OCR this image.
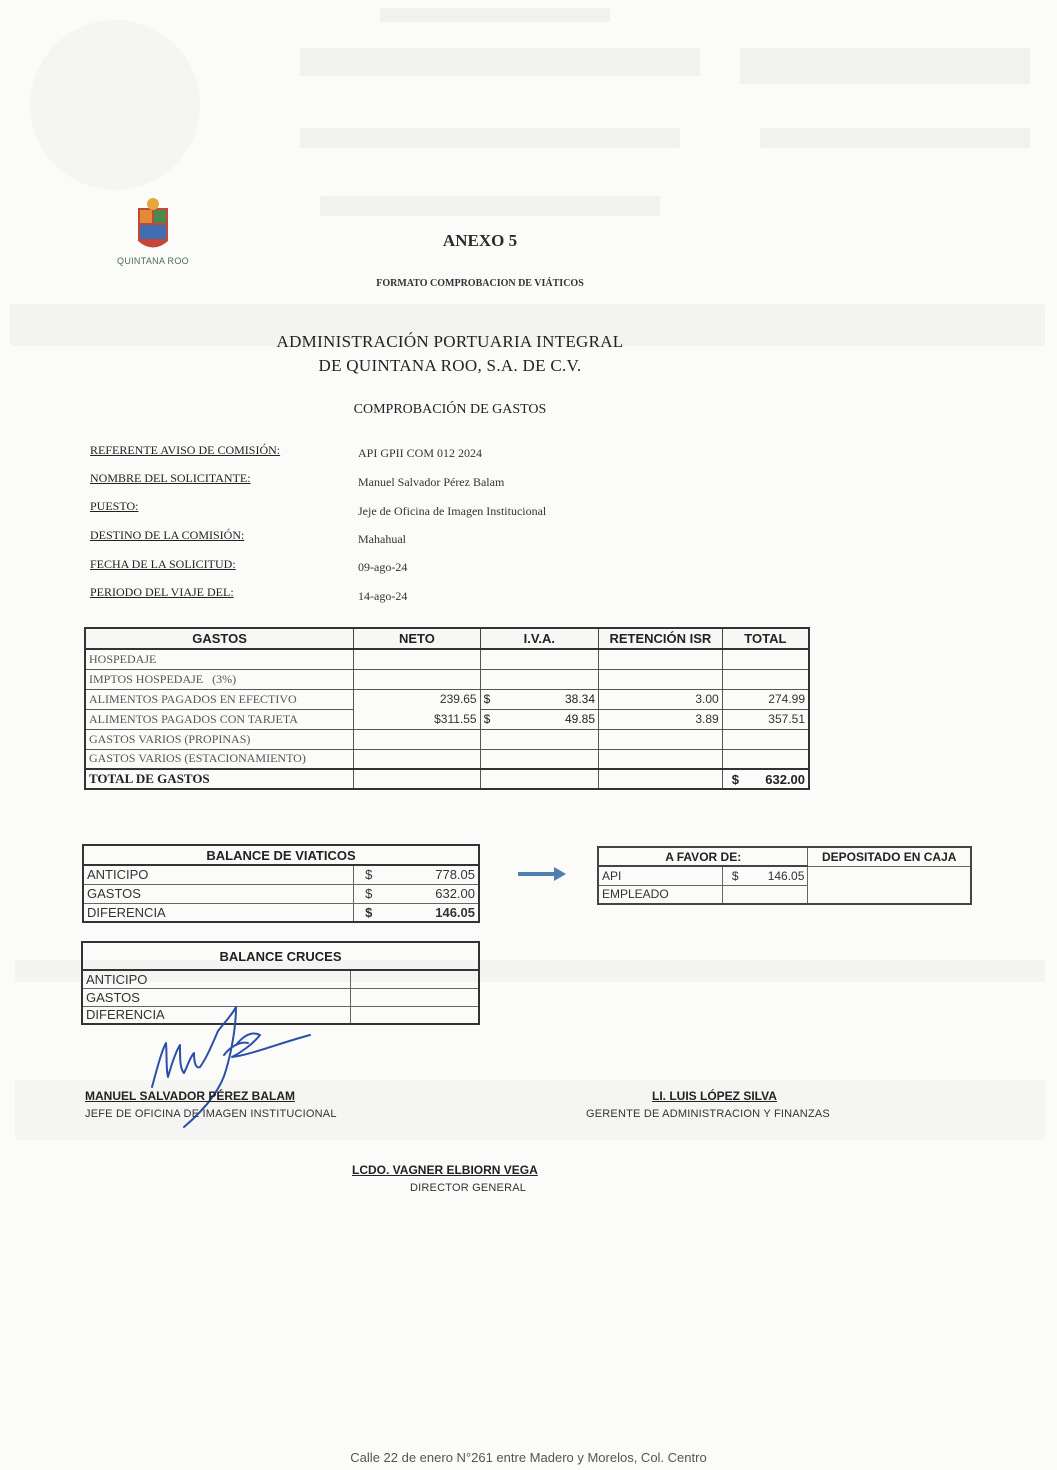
QUINTANA ROO
ANEXO 5
FORMATO COMPROBACION DE VIÁTICOS
ADMINISTRACIÓN PORTUARIA INTEGRAL
DE QUINTANA ROO, S.A. DE C.V.
COMPROBACIÓN DE GASTOS
REFERENTE AVISO DE COMISIÓN:	API GPII COM 012 2024
NOMBRE DEL SOLICITANTE:	Manuel Salvador Pérez Balam
PUESTO:	Jeje de Oficina de Imagen Institucional
DESTINO DE LA COMISIÓN:	Mahahual
FECHA DE LA SOLICITUD:	09-ago-24
PERIODO DEL VIAJE DEL:	14-ago-24
GASTOS	NETO	I.V.A.	RETENCIÓN ISR	TOTAL
HOSPEDAJE		

IMPTOS HOSPEDAJE   (3%)		

ALIMENTOS PAGADOS EN EFECTIVO	239.65	$ 38.34	3.00	274.99
ALIMENTOS PAGADOS CON TARJETA	$311.55	$ 49.85	3.89	357.51
GASTOS VARIOS (PROPINAS)		

GASTOS VARIOS (ESTACIONAMIENTO)		

TOTAL DE GASTOS				$ 632.00
BALANCE DE VIATICOS	
ANTICIPO	$ 778.05

GASTOS	$ 632.00

DIFERENCIA	$ 146.05
A FAVOR DE:		DEPOSITADO EN CAJA
API	$ 146.05	

EMPLEADO		
BALANCE CRUCES	
ANTICIPO	
GASTOS	
DIFERENCIA	
MANUEL SALVADOR PÉREZ BALAM
JEFE DE OFICINA DE IMAGEN INSTITUCIONAL
LI. LUIS LÓPEZ SILVA
GERENTE DE ADMINISTRACION Y FINANZAS
LCDO. VAGNER ELBIORN VEGA
DIRECTOR GENERAL
Calle 22 de enero N°261 entre Madero y Morelos, Col. Centro
